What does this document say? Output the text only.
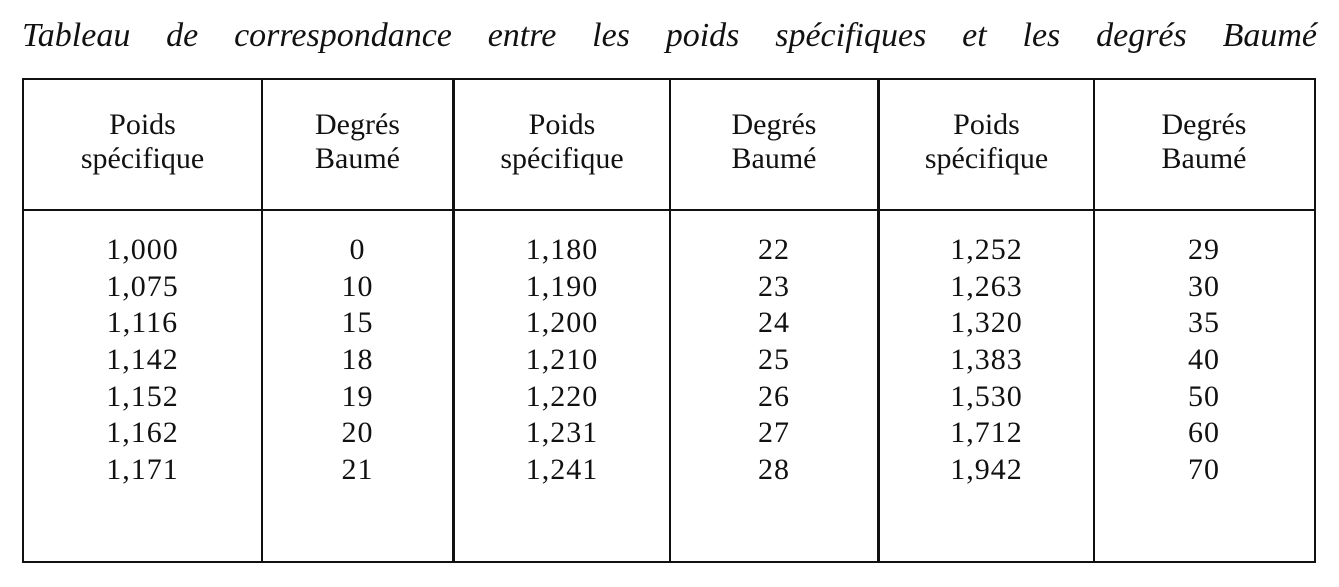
Tableau de correspondance entre les poids spécifiques et les degrés Baumé
Poids
spécifique
Degrés
Baumé
Poids
spécifique
Degrés
Baumé
Poids
spécifique
Degrés
Baumé
1,000
1,075
1,116
1,142
1,152
1,162
1,171
0
10
15
18
19
20
21
1,180
1,190
1,200
1,210
1,220
1,231
1,241
22
23
24
25
26
27
28
1,252
1,263
1,320
1,383
1,530
1,712
1,942
29
30
35
40
50
60
70
